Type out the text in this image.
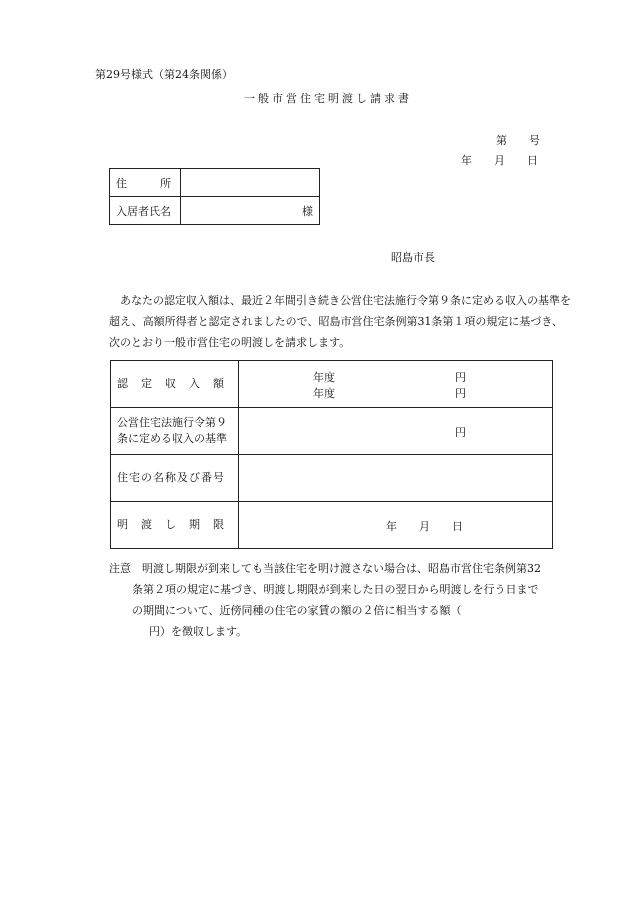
第29号様式（第24条関係）
一般市営住宅明渡し請求書
第　　号
年　　月　　日
住　　　所	
入居者氏名	様
昭島市長
あなたの認定収入額は、最近２年間引き続き公営住宅法施行令第９条に定める収入の基準を超え、高額所得者と認定されましたので、昭島市営住宅条例第31条第１項の規定に基づき、次のとおり一般市営住宅の明渡しを請求します。
認　定　収　入　額	年度 円
年度 円

公営住宅法施行令第９
条に定める収入の基準	円

住宅の名称及び番号	
明　渡　し　期　限	年　　月　　日
注意　明渡し期限が到来しても当該住宅を明け渡さない場合は、昭島市営住宅条例第32
条第２項の規定に基づき、明渡し期限が到来した日の翌日から明渡しを行う日まで
の期間について、近傍同種の住宅の家賃の額の２倍に相当する額（
円）を徴収します。
